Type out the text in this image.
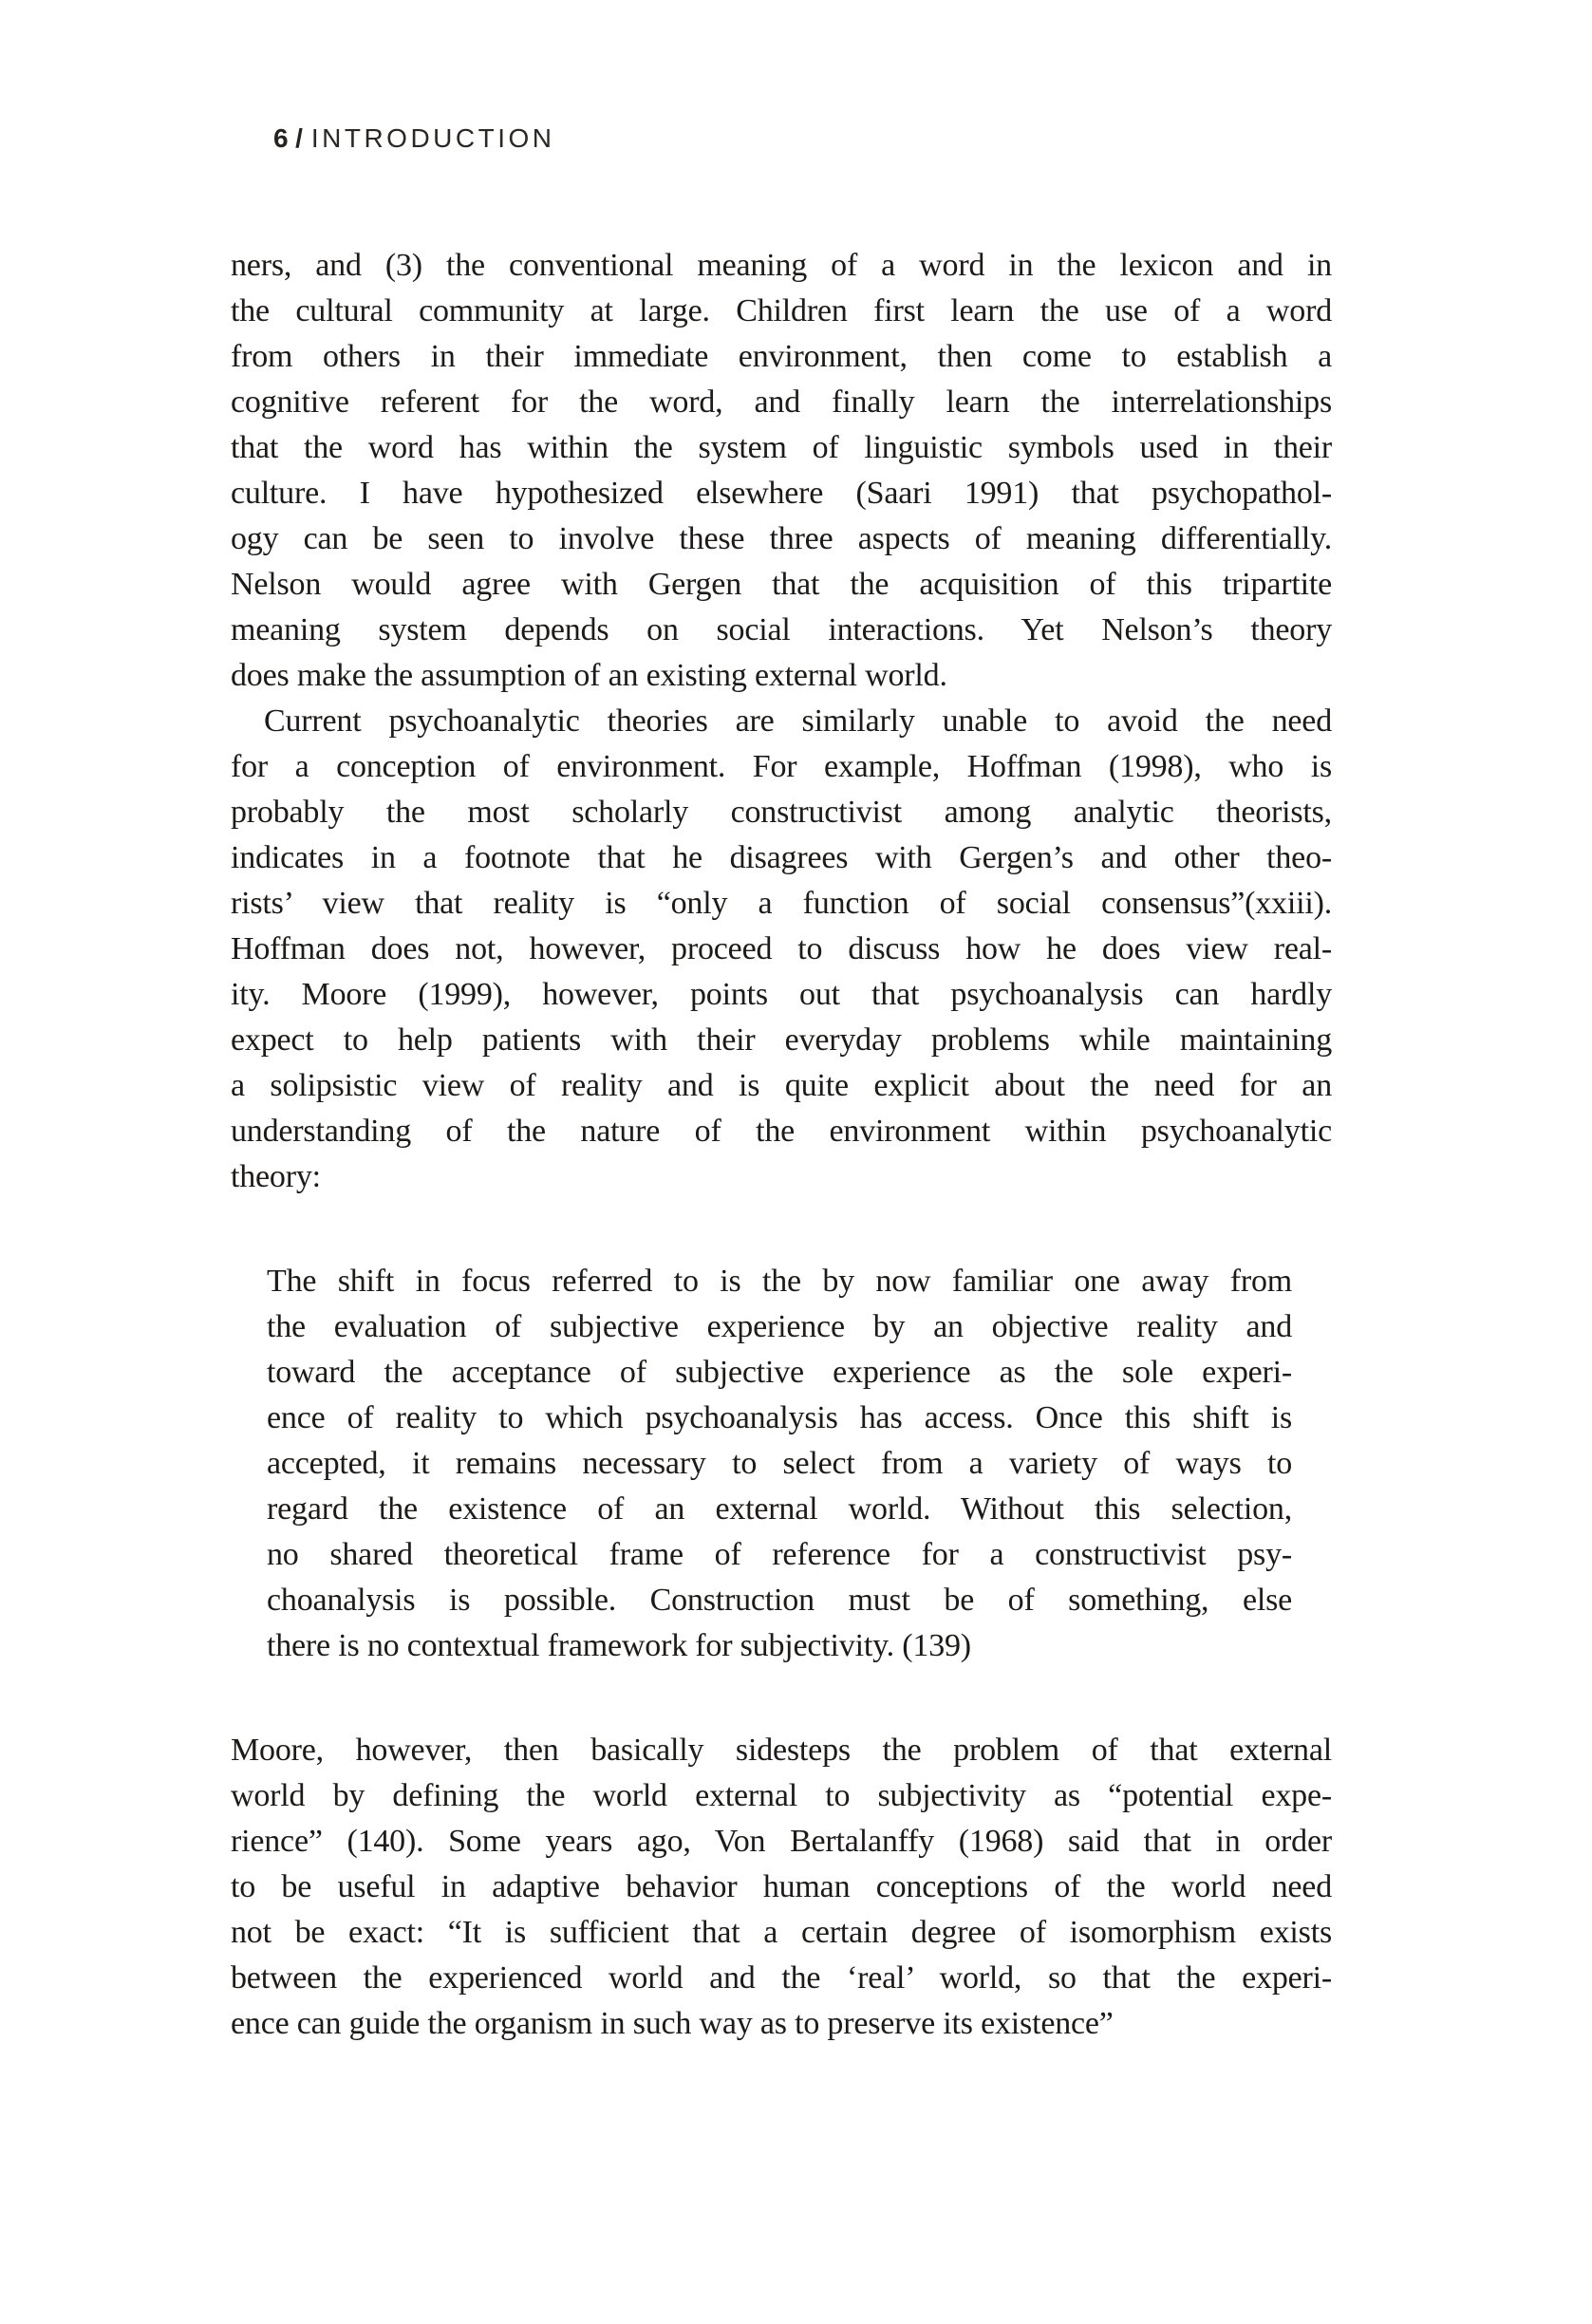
6 / INTRODUCTION
ners, and (3) the conventional meaning of a word in the lexicon and in
the cultural community at large. Children first learn the use of a word
from others in their immediate environment, then come to establish a
cognitive referent for the word, and finally learn the interrelationships
that the word has within the system of linguistic symbols used in their
culture. I have hypothesized elsewhere (Saari 1991) that psychopathol-
ogy can be seen to involve these three aspects of meaning differentially.
Nelson would agree with Gergen that the acquisition of this tripartite
meaning system depends on social interactions. Yet Nelson’s theory
does make the assumption of an existing external world.
Current psychoanalytic theories are similarly unable to avoid the need
for a conception of environment. For example, Hoffman (1998), who is
probably the most scholarly constructivist among analytic theorists,
indicates in a footnote that he disagrees with Gergen’s and other theo-
rists’ view that reality is “only a function of social consensus”(xxiii).
Hoffman does not, however, proceed to discuss how he does view real-
ity. Moore (1999), however, points out that psychoanalysis can hardly
expect to help patients with their everyday problems while maintaining
a solipsistic view of reality and is quite explicit about the need for an
understanding of the nature of the environment within psychoanalytic
theory:
The shift in focus referred to is the by now familiar one away from
the evaluation of subjective experience by an objective reality and
toward the acceptance of subjective experience as the sole experi-
ence of reality to which psychoanalysis has access. Once this shift is
accepted, it remains necessary to select from a variety of ways to
regard the existence of an external world. Without this selection,
no shared theoretical frame of reference for a constructivist psy-
choanalysis is possible. Construction must be of something, else
there is no contextual framework for subjectivity. (139)
Moore, however, then basically sidesteps the problem of that external
world by defining the world external to subjectivity as “potential expe-
rience” (140). Some years ago, Von Bertalanffy (1968) said that in order
to be useful in adaptive behavior human conceptions of the world need
not be exact: “It is sufficient that a certain degree of isomorphism exists
between the experienced world and the ‘real’ world, so that the experi-
ence can guide the organism in such way as to preserve its existence”
